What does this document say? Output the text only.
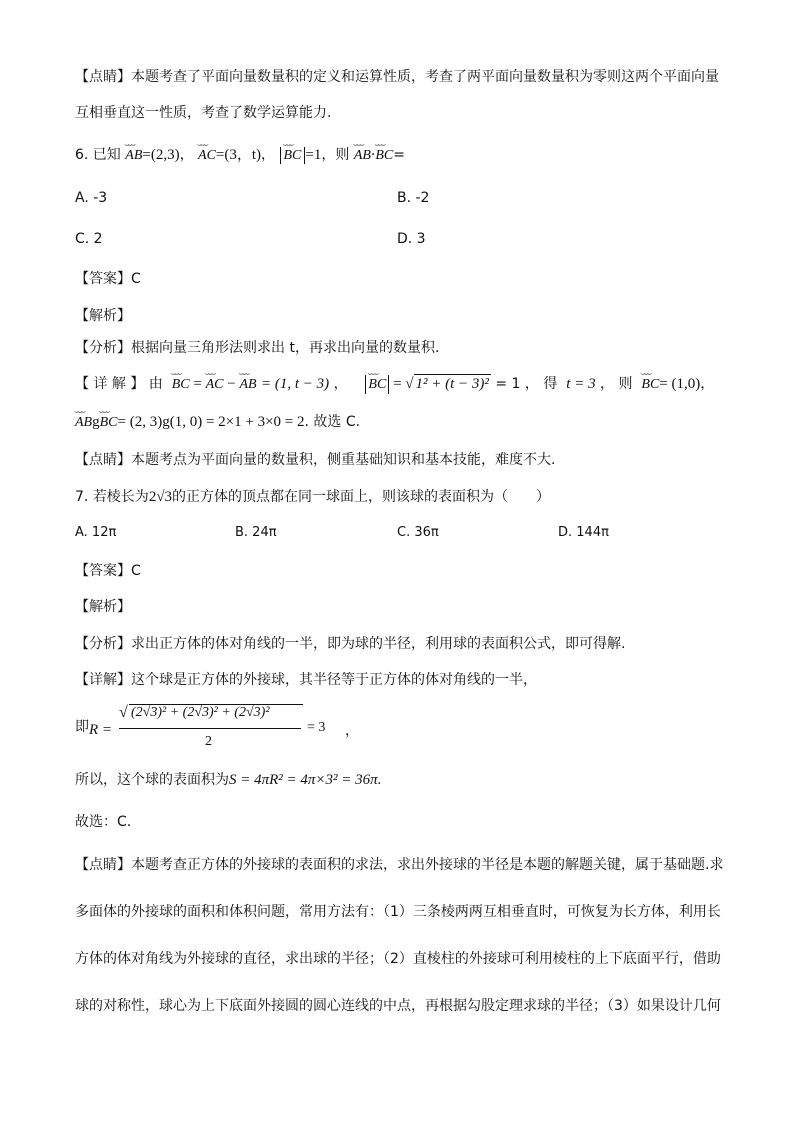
【点睛】本题考查了平面向量数量积的定义和运算性质，考查了两平面向量数量积为零则这两个平面向量
互相垂直这一性质，考查了数学运算能力.
6. 已知 ⌣⌣⌣ AB=(2,3)， ⌣⌣⌣ AC=(3，t)， ⌣⌣⌣ BC =1，则 ⌣⌣⌣ AB·⌣⌣⌣ BC=
A. -3	B. -2
C. 2	D. 3
【答案】C
【解析】
【分析】根据向量三角形法则求出 t，再求出向量的数量积.
【 详 解 】 由 ⌣⌣⌣ BC = ⌣⌣⌣ AC − ⌣⌣⌣ AB = (1, t − 3) ，    ⌣⌣⌣ BC = √ 1² + (t − 3)² = 1 ， 得 t = 3 ， 则 ⌣⌣⌣ BC= (1,0)，
⌣⌣⌣ ABg⌣⌣⌣ BC= (2, 3)g(1, 0) = 2×1 + 3×0 = 2. 故选 C.
【点睛】本题考点为平面向量的数量积，侧重基础知识和基本技能，难度不大.
7. 若棱长为2√3的正方体的顶点都在同一球面上，则该球的表面积为（　　）
A. 12π	B. 24π	C. 36π	D. 144π
【答案】C
【解析】
【分析】求出正方体的体对角线的一半，即为球的半径，利用球的表面积公式，即可得解.
【详解】这个球是正方体的外接球，其半径等于正方体的体对角线的一半，
即 R =
√ (2√3)² + (2√3)² + (2√3)²
2
= 3 ，
所以，这个球的表面积为S = 4πR² = 4π×3² = 36π.
故选：C.
【点睛】本题考查正方体的外接球的表面积的求法，求出外接球的半径是本题的解题关键，属于基础题.求
多面体的外接球的面积和体积问题，常用方法有：（1）三条棱两两互相垂直时，可恢复为长方体，利用长
方体的体对角线为外接球的直径，求出球的半径；（2）直棱柱的外接球可利用棱柱的上下底面平行，借助
球的对称性，球心为上下底面外接圆的圆心连线的中点，再根据勾股定理求球的半径；（3）如果设计几何
